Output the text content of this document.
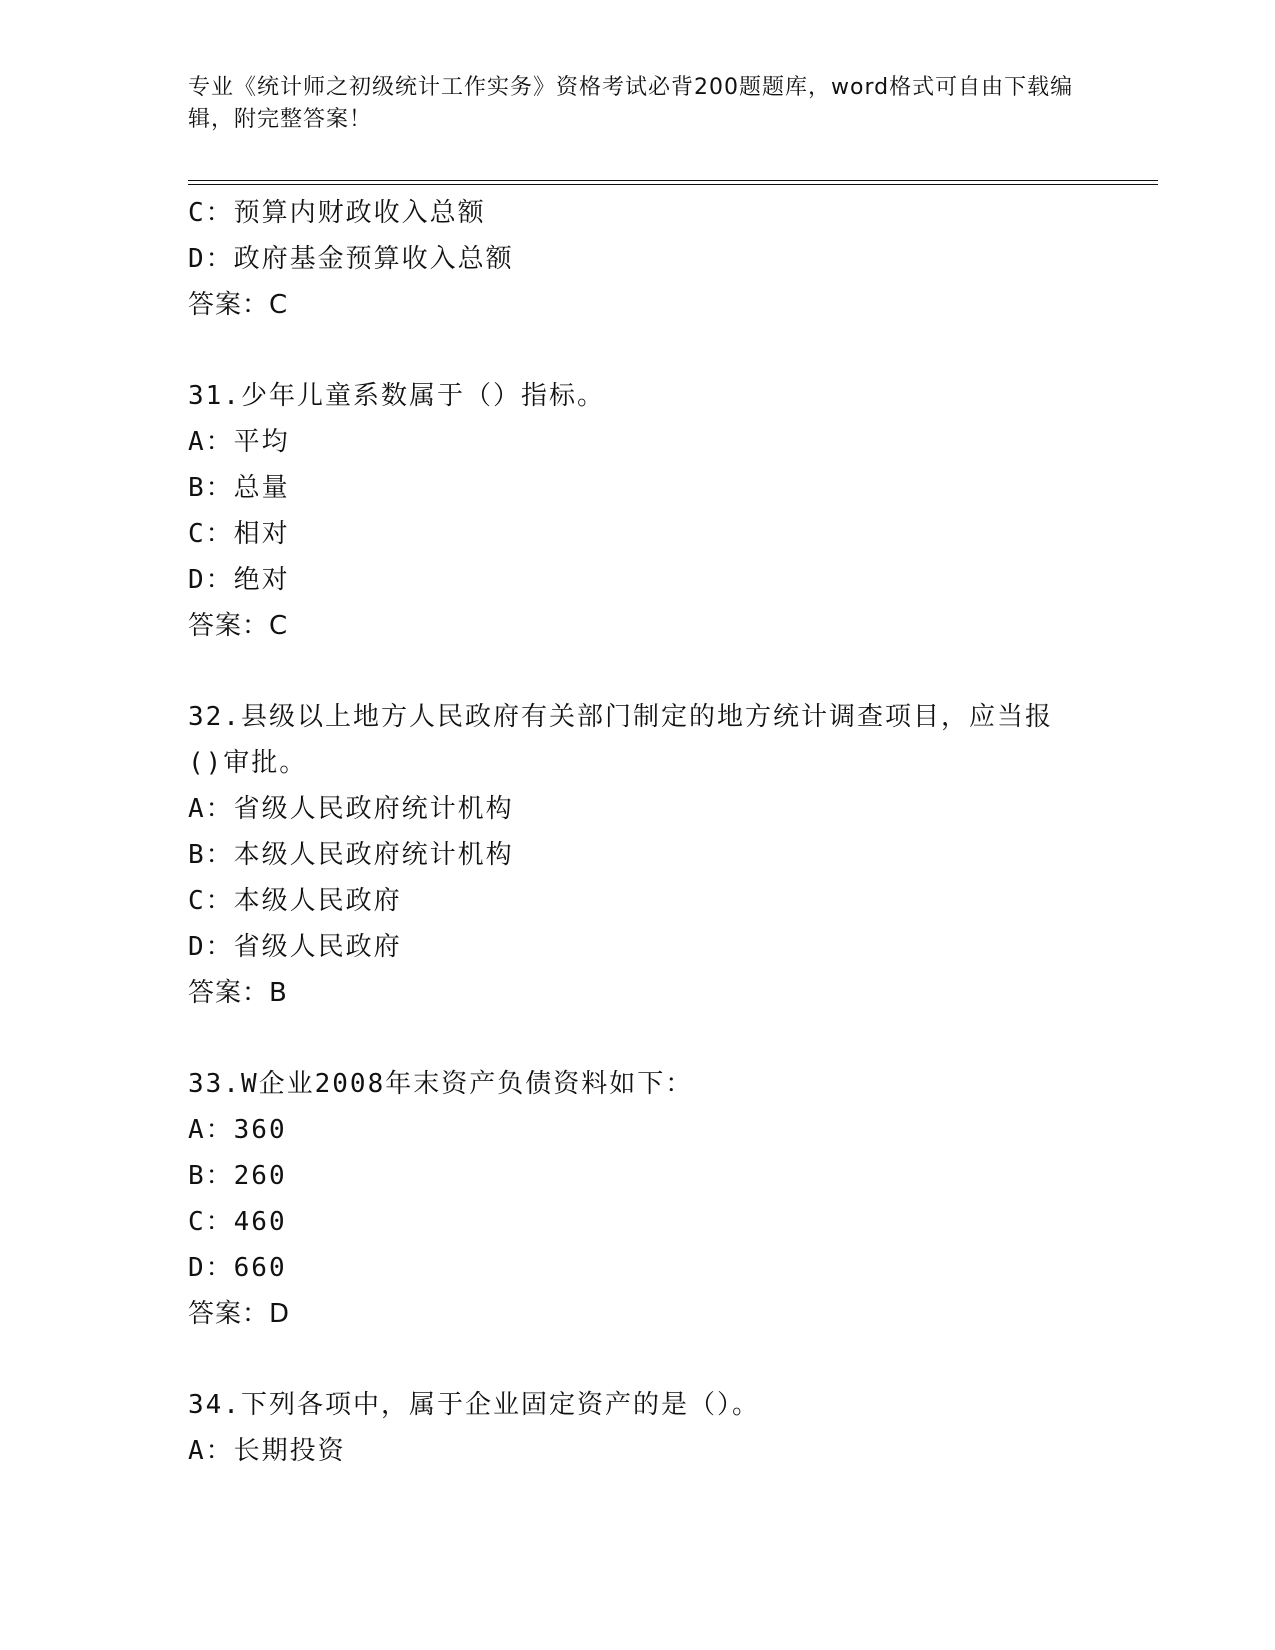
专业《统计师之初级统计工作实务》资格考试必背200题题库，word格式可自由下载编辑，附完整答案！
C：预算内财政收入总额
D：政府基金预算收入总额
答案：C
31.少年儿童系数属于（）指标。
A：平均
B：总量
C：相对
D：绝对
答案：C
32.县级以上地方人民政府有关部门制定的地方统计调查项目，应当报()审批。
A：省级人民政府统计机构
B：本级人民政府统计机构
C：本级人民政府
D：省级人民政府
答案：B
33.W企业2008年末资产负债资料如下：
A：360
B：260
C：460
D：660
答案：D
34.下列各项中，属于企业固定资产的是（）。
A：长期投资
